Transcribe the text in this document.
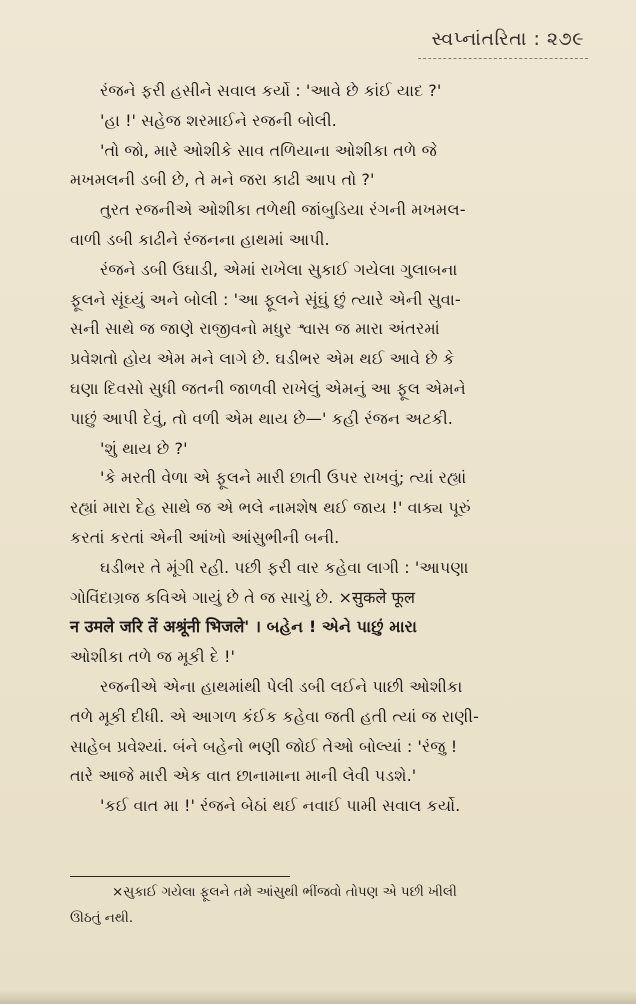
સ્વપ્નાંતરિતા : ૨૭૯
રંજને ફરી હસીને સવાલ કર્યો : 'આવે છે કાંઈ યાદ ?'
'હા !' સહેજ શરમાઈને રજની બોલી.
'તો જો, મારે ઓશીકે સાવ તળિયાના ઓશીકા તળે જે
મખમલની ડબી છે, તે મને જરા કાઢી આપ તો ?'
તુરત રજનીએ ઓશીકા તળેથી જાંબુડિયા રંગની મખમલ-
વાળી ડબી કાઢીને રંજનના હાથમાં આપી.
રંજને ડબી ઉઘાડી, એમાં રાખેલા સુકાઈ ગયેલા ગુલાબના
ફૂલને સૂંઘ્યું અને બોલી : 'આ ફૂલને સૂંઘું છું ત્યારે એની સુવા-
સની સાથે જ જાણે રાજીવનો મધુર શ્વાસ જ મારા અંતરમાં
પ્રવેશતો હોય એમ મને લાગે છે. ઘડીભર એમ થઈ આવે છે કે
ઘણા દિવસો સુધી જતની જાળવી રાખેલું એમનું આ ફૂલ એમને
પાછું આપી દેવું, તો વળી એમ થાય છે—' કહી રંજન અટકી.
'શું થાય છે ?'
'કે મરતી વેળા એ ફૂલને મારી છાતી ઉપર રાખવું; ત્યાં રહ્યાં
રહ્યાં મારા દેહ સાથે જ એ ભલે નામશેષ થઈ જાય !' વાક્ય પૂરું
કરતાં કરતાં એની આંખો આંસુભીની બની.
ઘડીભર તે મૂંગી રહી. પછી ફરી વાર કહેવા લાગી : 'આપણા
ગોવિંદાગ્રજ કવિએ ગાયું છે તે જ સાચું છે. ×सुकले फूल
न उमले जरि तें अश्रूंनी भिजले' । બહેન ! એને પાછું મારા
ઓશીકા તળે જ મૂકી દે !'
રજનીએ એના હાથમાંથી પેલી ડબી લઈને પાછી ઓશીકા
તળે મૂકી દીધી. એ આગળ કંઈક કહેવા જતી હતી ત્યાં જ રાણી-
સાહેબ પ્રવેશ્યાં. બંને બહેનો ભણી જોઈ તેઓ બોલ્યાં : 'રંજુ !
તારે આજે મારી એક વાત છાનામાના માની લેવી પડશે.'
'કઈ વાત મા !' રંજને બેઠાં થઈ નવાઈ પામી સવાલ કર્યો.
×સુકાઈ ગયેલા ફૂલને તમે આંસુથી ભીંજવો તોપણ એ પછી ખીલી
ઊઠતું નથી.
